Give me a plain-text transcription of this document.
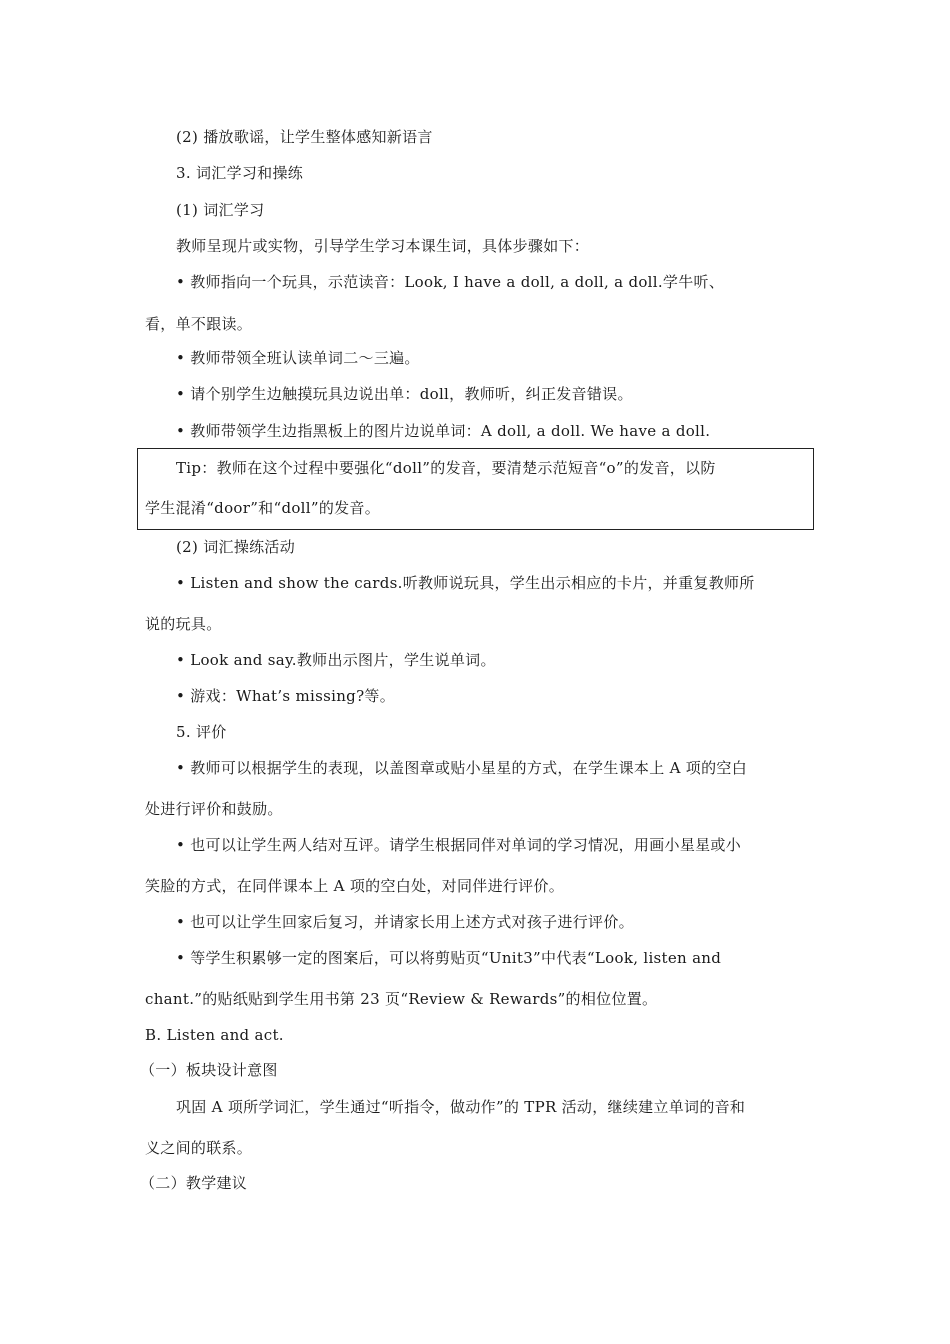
(2) 播放歌谣，让学生整体感知新语言
3. 词汇学习和操练
(1) 词汇学习
教师呈现片或实物，引导学生学习本课生词，具体步骤如下：
• 教师指向一个玩具，示范读音：Look, I have a doll, a doll, a doll.学牛听、
看，单不跟读。
• 教师带领全班认读单词二～三遍。
• 请个别学生边触摸玩具边说出单：doll，教师听，纠正发音错误。
• 教师带领学生边指黑板上的图片边说单词：A doll, a doll. We have a doll.
Tip：教师在这个过程中要强化“doll”的发音，要清楚示范短音“o”的发音，以防
学生混淆“door”和“doll”的发音。
(2) 词汇操练活动
• Listen and show the cards.听教师说玩具，学生出示相应的卡片，并重复教师所
说的玩具。
• Look and say.教师出示图片，学生说单词。
• 游戏：What’s missing?等。
5. 评价
• 教师可以根据学生的表现，以盖图章或贴小星星的方式，在学生课本上 A 项的空白
处进行评价和鼓励。
• 也可以让学生两人结对互评。请学生根据同伴对单词的学习情况，用画小星星或小
笑脸的方式，在同伴课本上 A 项的空白处，对同伴进行评价。
• 也可以让学生回家后复习，并请家长用上述方式对孩子进行评价。
• 等学生积累够一定的图案后，可以将剪贴页“Unit3”中代表“Look, listen and
chant.”的贴纸贴到学生用书第 23 页“Review & Rewards”的相位位置。
B. Listen and act.
（一）板块设计意图
巩固 A 项所学词汇，学生通过“听指令，做动作”的 TPR 活动，继续建立单词的音和
义之间的联系。
（二）教学建议
